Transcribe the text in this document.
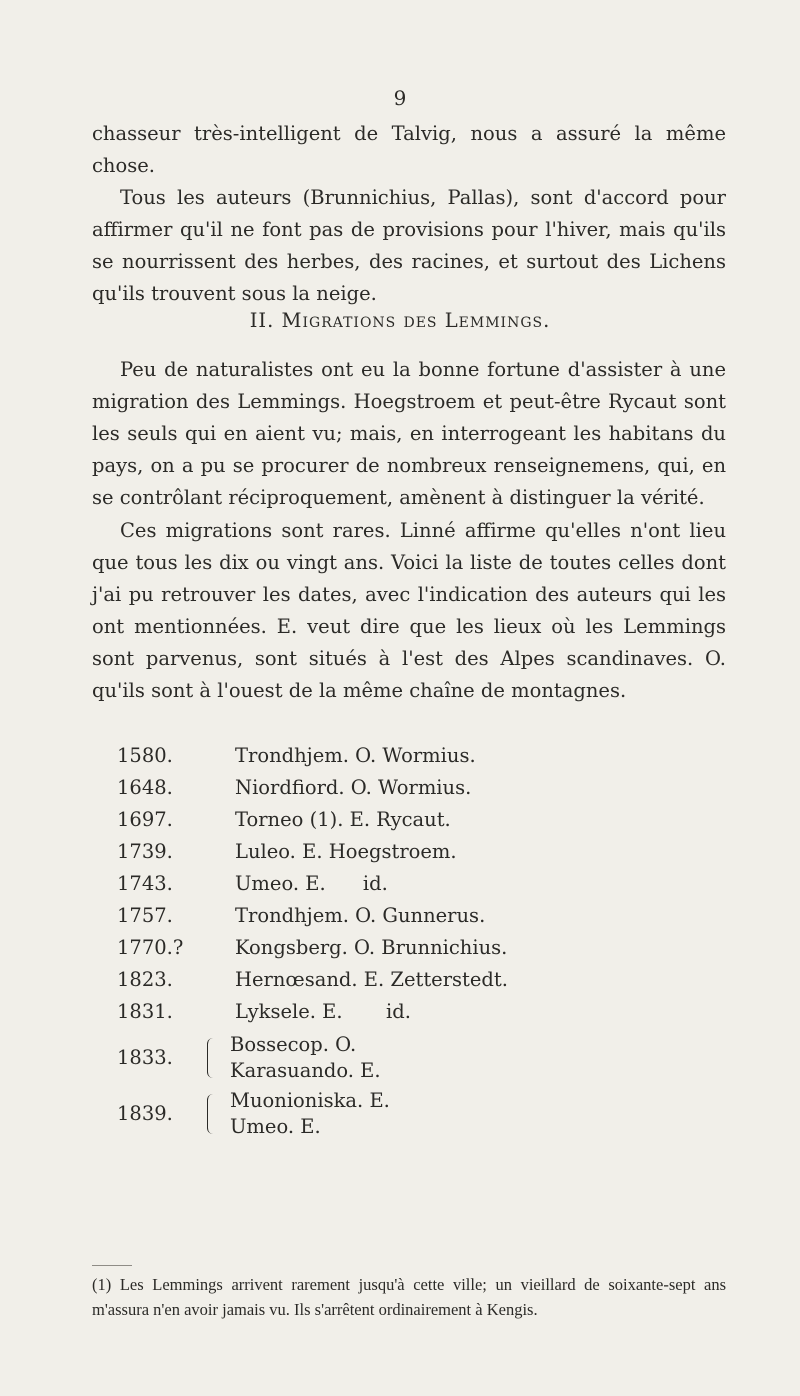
9

chasseur très-intelligent de Talvig, nous a assuré la même chose.

Tous les auteurs (Brunnichius, Pallas), sont d'accord pour affirmer qu'il ne font pas de provisions pour l'hiver, mais qu'ils se nourrissent des herbes, des racines, et surtout des Lichens qu'ils trouvent sous la neige.

II. Migrations des Lemmings.

Peu de naturalistes ont eu la bonne fortune d'assister à une migration des Lemmings. Hoegstroem et peut-être Rycaut sont les seuls qui en aient vu; mais, en interrogeant les habitans du pays, on a pu se procurer de nombreux renseignemens, qui, en se contrôlant réciproquement, amènent à distinguer la vérité.

Ces migrations sont rares. Linné affirme qu'elles n'ont lieu que tous les dix ou vingt ans. Voici la liste de toutes celles dont j'ai pu retrouver les dates, avec l'indication des auteurs qui les ont mentionnées. E. veut dire que les lieux où les Lemmings sont parvenus, sont situés à l'est des Alpes scandinaves. O. qu'ils sont à l'ouest de la même chaîne de montagnes.

1580.	Trondhjem. O. Wormius.
1648.	Niordfiord. O. Wormius.
1697.	Torneo (1). E. Rycaut.
1739.	Luleo. E. Hoegstroem.
1743.	Umeo. E.      id.
1757.	Trondhjem. O. Gunnerus.
1770.?	Kongsberg. O. Brunnichius.
1823.	Hernœsand. E. Zetterstedt.
1831.	Lyksele. E.       id.
1833.
Bossecop. O.
Karasuando. E.
1839.
Muonioniska. E.
Umeo. E.

(1) Les Lemmings arrivent rarement jusqu'à cette ville; un vieillard de soixante-sept ans m'assura n'en avoir jamais vu. Ils s'arrêtent ordinairement à Kengis.
